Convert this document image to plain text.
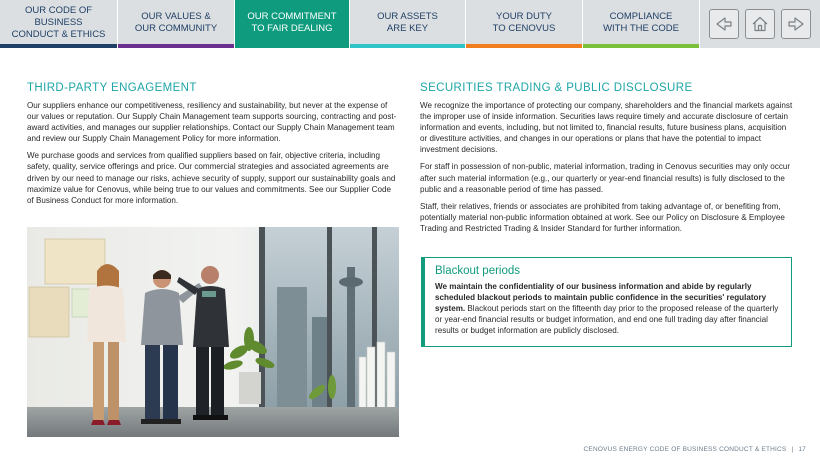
OUR CODE OF BUSINESS
CONDUCT & ETHICS
OUR VALUES &
OUR COMMUNITY
OUR COMMITMENT
TO FAIR DEALING
OUR ASSETS
ARE KEY
YOUR DUTY
TO CENOVUS
COMPLIANCE
WITH THE CODE
THIRD-PARTY ENGAGEMENT

Our suppliers enhance our competitiveness, resiliency and sustainability, but never at the expense of our values or reputation. Our Supply Chain Management team supports sourcing, contracting and post-award activities, and manages our supplier relationships. Contact our Supply Chain Management team and review our Supply Chain Management Policy for more information.

We purchase goods and services from qualified suppliers based on fair, objective criteria, including safety, quality, service offerings and price. Our commercial strategies and associated agreements are driven by our need to manage our risks, achieve security of supply, support our sustainability goals and maximize value for Cenovus, while being true to our values and commitments. See our Supplier Code of Business Conduct for more information.

SECURITIES TRADING & PUBLIC DISCLOSURE

We recognize the importance of protecting our company, shareholders and the financial markets against the improper use of inside information. Securities laws require timely and accurate disclosure of certain information and events, including, but not limited to, financial results, future business plans, acquisition or divestiture activities, and changes in our operations or plans that have the potential to impact investment decisions.

For staff in possession of non-public, material information, trading in Cenovus securities may only occur after such material information (e.g., our quarterly or year-end financial results) is fully disclosed to the public and a reasonable period of time has passed.

Staff, their relatives, friends or associates are prohibited from taking advantage of, or benefiting from, potentially material non-public information obtained at work. See our Policy on Disclosure & Employee Trading and Restricted Trading & Insider Standard for further information.

Blackout periods

We maintain the confidentiality of our business information and abide by regularly scheduled blackout periods to maintain public confidence in the securities' regulatory system. Blackout periods start on the fifteenth day prior to the proposed release of the quarterly or year-end financial results or budget information, and end one full trading day after financial results or budget information are publicly disclosed.

CENOVUS ENERGY CODE OF BUSINESS CONDUCT & ETHICS | 17
